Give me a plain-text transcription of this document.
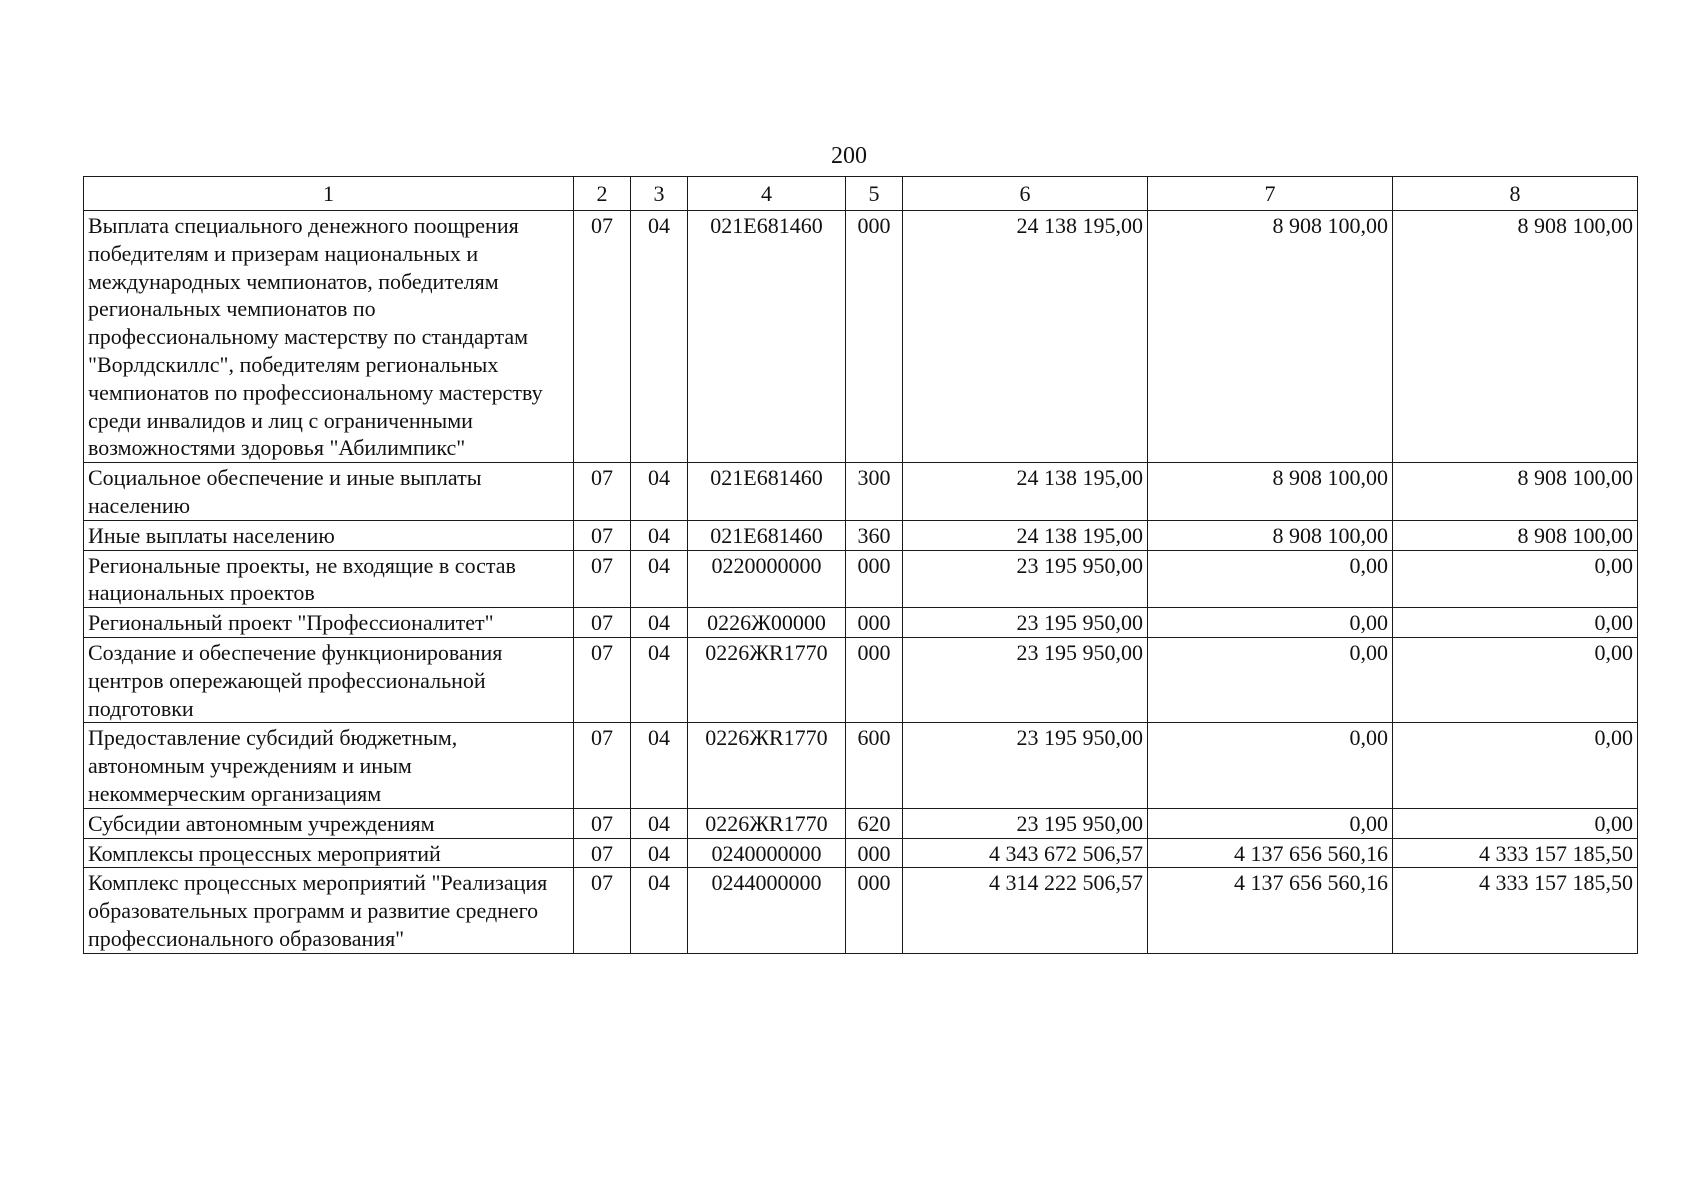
200
1	2	3	4	5	6	7	8
Выплата специального денежного поощрения победителям и призерам национальных и международных чемпионатов, победителям региональных чемпионатов по профессиональному мастерству по стандартам "Ворлдскиллс", победителям региональных чемпионатов по профессиональному мастерству среди инвалидов и лиц с ограниченными возможностями здоровья "Абилимпикс"	07	04	021E681460	000	24 138 195,00	8 908 100,00	8 908 100,00
Социальное обеспечение и иные выплаты населению	07	04	021E681460	300	24 138 195,00	8 908 100,00	8 908 100,00
Иные выплаты населению	07	04	021E681460	360	24 138 195,00	8 908 100,00	8 908 100,00
Региональные проекты, не входящие в состав национальных проектов	07	04	0220000000	000	23 195 950,00	0,00	0,00
Региональный проект "Профессионалитет"	07	04	0226Ж00000	000	23 195 950,00	0,00	0,00
Создание и обеспечение функционирования центров опережающей профессиональной подготовки	07	04	0226ЖR1770	000	23 195 950,00	0,00	0,00
Предоставление субсидий бюджетным, автономным учреждениям и иным некоммерческим организациям	07	04	0226ЖR1770	600	23 195 950,00	0,00	0,00
Субсидии автономным учреждениям	07	04	0226ЖR1770	620	23 195 950,00	0,00	0,00
Комплексы процессных мероприятий	07	04	0240000000	000	4 343 672 506,57	4 137 656 560,16	4 333 157 185,50
Комплекс процессных мероприятий "Реализация образовательных программ и развитие среднего профессионального образования"	07	04	0244000000	000	4 314 222 506,57	4 137 656 560,16	4 333 157 185,50
